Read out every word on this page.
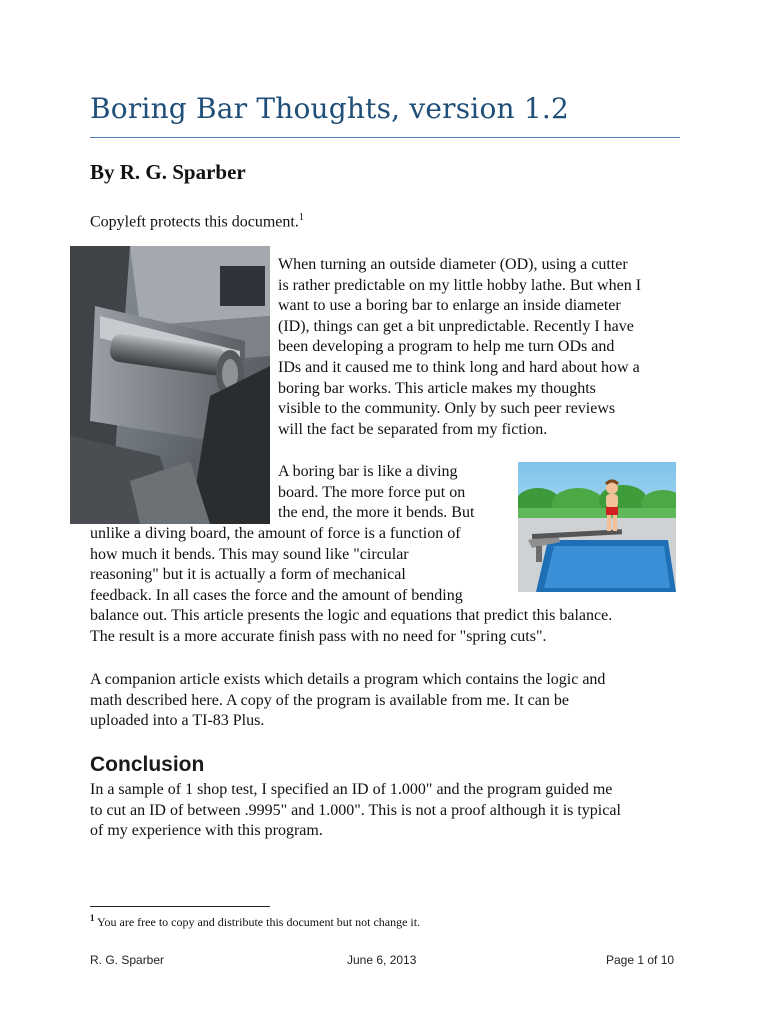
Boring Bar Thoughts, version 1.2
By R. G. Sparber
Copyleft protects this document.$^1$
When turning an outside diameter (OD), using a cutter
is rather predictable on my little hobby lathe. But when I
want to use a boring bar to enlarge an inside diameter
(ID), things can get a bit unpredictable. Recently I have
been developing a program to help me turn ODs and
IDs and it caused me to think long and hard about how a
boring bar works. This article makes my thoughts
visible to the community. Only by such peer reviews
will the fact be separated from my fiction.
A boring bar is like a diving
board. The more force put on
the end, the more it bends. But
unlike a diving board, the amount of force is a function of
how much it bends. This may sound like "circular
reasoning" but it is actually a form of mechanical
feedback. In all cases the force and the amount of bending
balance out. This article presents the logic and equations that predict this balance.
The result is a more accurate finish pass with no need for "spring cuts".
A companion article exists which details a program which contains the logic and
math described here. A copy of the program is available from me. It can be
uploaded into a TI-83 Plus.
Conclusion
In a sample of 1 shop test, I specified an ID of 1.000" and the program guided me
to cut an ID of between .9995" and 1.000". This is not a proof although it is typical
of my experience with this program.
$^1$ You are free to copy and distribute this document but not change it.
R. G. Sparber	June 6, 2013	Page 1 of 10
